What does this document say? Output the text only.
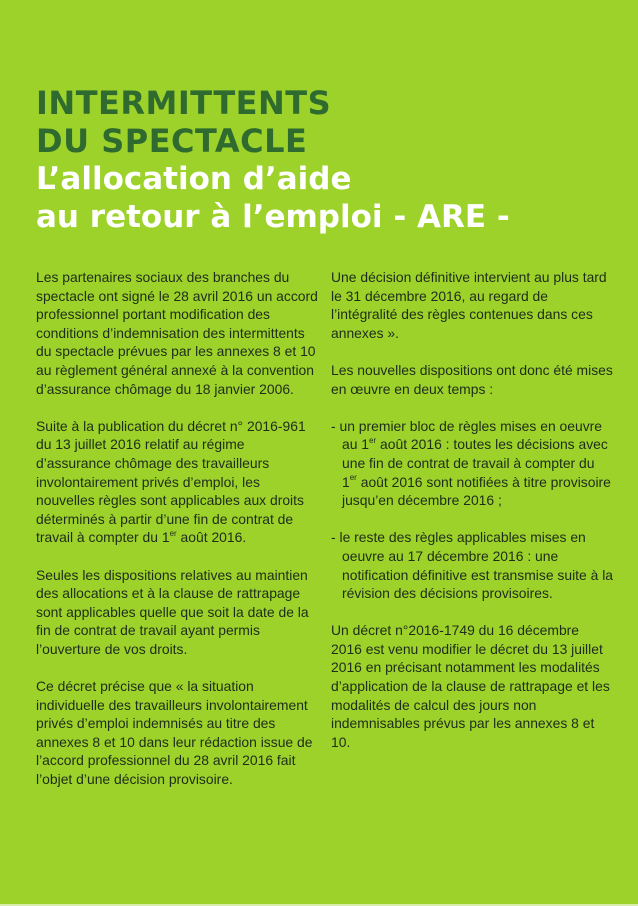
INTERMITTENTS
DU SPECTACLE
L’allocation d’aide
au retour à l’emploi - ARE -

Les partenaires sociaux des branches du spectacle ont signé le 28 avril 2016 un accord professionnel portant modification des conditions d’indemnisation des intermittents du spectacle prévues par les annexes 8 et 10 au règlement général annexé à la convention d’assurance chômage du 18 janvier 2006.

Suite à la publication du décret n° 2016-961 du 13 juillet 2016 relatif au régime d’assurance chômage des travailleurs involontairement privés d’emploi, les nouvelles règles sont applicables aux droits déterminés à partir d’une fin de contrat de travail à compter du 1er août 2016.

Seules les dispositions relatives au maintien des allocations et à la clause de rattrapage sont applicables quelle que soit la date de la fin de contrat de travail ayant permis l’ouverture de vos droits.

Ce décret précise que « la situation individuelle des travailleurs involontairement privés d’emploi indemnisés au titre des annexes 8 et 10 dans leur rédaction issue de l’accord professionnel du 28 avril 2016 fait l’objet d’une décision provisoire.

Une décision définitive intervient au plus tard le 31 décembre 2016, au regard de l’intégralité des règles contenues dans ces annexes ».

Les nouvelles dispositions ont donc été mises en œuvre en deux temps :

- un premier bloc de règles mises en oeuvre au 1er août 2016 : toutes les décisions avec une fin de contrat de travail à compter du 1er août 2016 sont notifiées à titre provisoire jusqu’en décembre 2016 ;

- le reste des règles applicables mises en oeuvre au 17 décembre 2016 : une notification définitive est transmise suite à la révision des décisions provisoires.

Un décret n°2016-1749 du 16 décembre 2016 est venu modifier le décret du 13 juillet 2016 en précisant notamment les modalités d’application de la clause de rattrapage et les modalités de calcul des jours non indemnisables prévus par les annexes 8 et 10.
